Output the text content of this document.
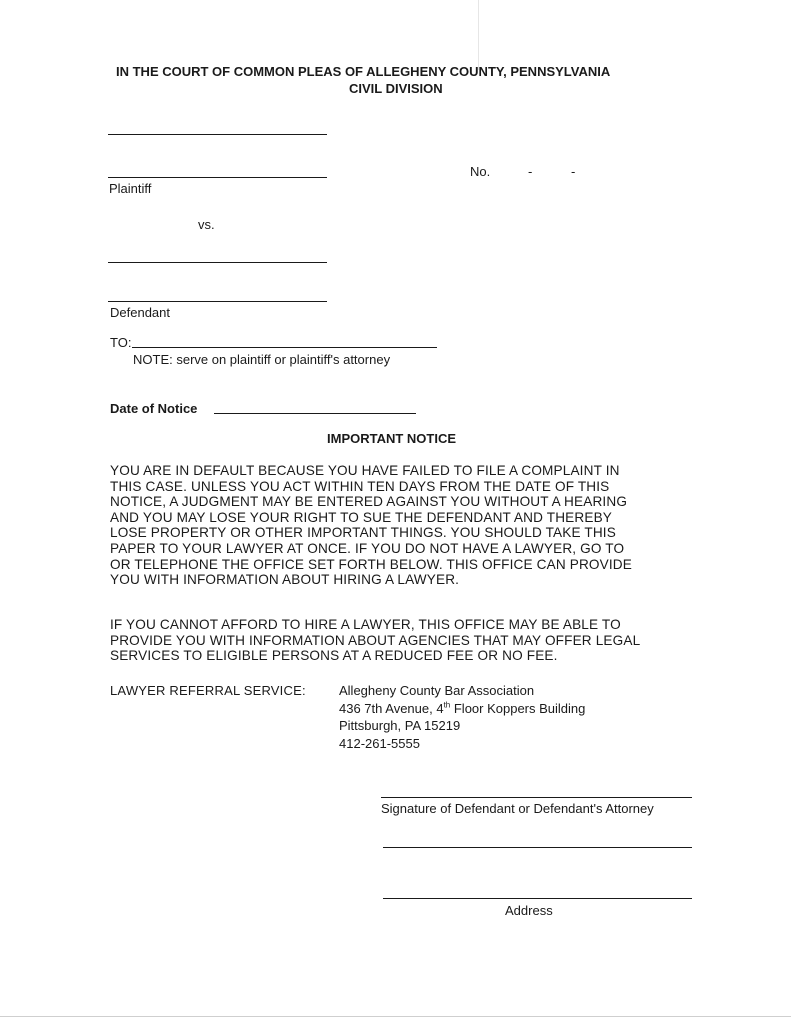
IN THE COURT OF COMMON PLEAS OF ALLEGHENY COUNTY, PENNSYLVANIA
CIVIL DIVISION
Plaintiff
No.	-	-
vs.
Defendant
TO:
NOTE: serve on plaintiff or plaintiff's attorney
Date of Notice
IMPORTANT NOTICE
YOU ARE IN DEFAULT BECAUSE YOU HAVE FAILED TO FILE A COMPLAINT IN
THIS CASE. UNLESS YOU ACT WITHIN TEN DAYS FROM THE DATE OF THIS
NOTICE, A JUDGMENT MAY BE ENTERED AGAINST YOU WITHOUT A HEARING
AND YOU MAY LOSE YOUR RIGHT TO SUE THE DEFENDANT AND THEREBY
LOSE PROPERTY OR OTHER IMPORTANT THINGS. YOU SHOULD TAKE THIS
PAPER TO YOUR LAWYER AT ONCE. IF YOU DO NOT HAVE A LAWYER, GO TO
OR TELEPHONE THE OFFICE SET FORTH BELOW. THIS OFFICE CAN PROVIDE
YOU WITH INFORMATION ABOUT HIRING A LAWYER.
IF YOU CANNOT AFFORD TO HIRE A LAWYER, THIS OFFICE MAY BE ABLE TO
PROVIDE YOU WITH INFORMATION ABOUT AGENCIES THAT MAY OFFER LEGAL
SERVICES TO ELIGIBLE PERSONS AT A REDUCED FEE OR NO FEE.
LAWYER REFERRAL SERVICE:	Allegheny County Bar Association
436 7th Avenue, 4th Floor Koppers Building
Pittsburgh, PA 15219
412-261-5555
Signature of Defendant or Defendant's Attorney
Address
